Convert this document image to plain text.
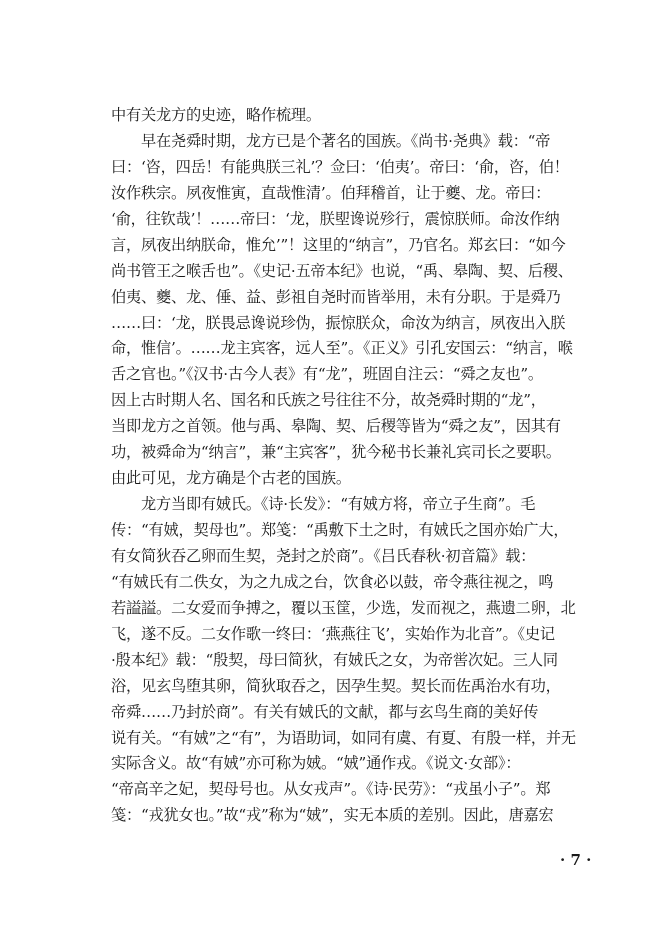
中有关龙方的史迹，略作梳理。
　　早在尧舜时期，龙方已是个著名的国族。《尚书·尧典》载：“帝
曰：‘咨，四岳！有能典朕三礼’？佥曰：‘伯夷’。帝曰：‘俞，咨，伯！
汝作秩宗。夙夜惟寅，直哉惟清’。伯拜稽首，让于夔、龙。帝曰：
‘俞，往钦哉’！……帝曰：‘龙，朕堲谗说殄行，震惊朕师。命汝作纳
言，夙夜出纳朕命，惟允’”！这里的“纳言”，乃官名。郑玄曰：“如今
尚书管王之喉舌也”。《史记·五帝本纪》也说，“禹、皋陶、契、后稷、
伯夷、夔、龙、倕、益、彭祖自尧时而皆举用，未有分职。于是舜乃
……曰：‘龙，朕畏忌谗说珍伪，振惊朕众，命汝为纳言，夙夜出入朕
命，惟信’。……龙主宾客，远人至”。《正义》引孔安国云：“纳言，喉
舌之官也。”《汉书·古今人表》有“龙”，班固自注云：“舜之友也”。
因上古时期人名、国名和氏族之号往往不分，故尧舜时期的“龙”，
当即龙方之首领。他与禹、皋陶、契、后稷等皆为“舜之友”，因其有
功，被舜命为“纳言”，兼“主宾客”，犹今秘书长兼礼宾司长之要职。
由此可见，龙方确是个古老的国族。
　　龙方当即有娀氏。《诗·长发》：“有娀方将，帝立子生商”。毛
传：“有娀，契母也”。郑笺：“禹敷下土之时，有娀氏之国亦始广大，
有女简狄吞乙卵而生契，尧封之於商”。《吕氏春秋·初音篇》载：
“有娀氏有二佚女，为之九成之台，饮食必以鼓，帝令燕往视之，鸣
若謚謚。二女爱而争搏之，覆以玉筐，少选，发而视之，燕遗二卵，北
飞，遂不反。二女作歌一终曰：‘燕燕往飞’，实始作为北音”。《史记
·殷本纪》载：“殷契，母曰简狄，有娀氏之女，为帝喾次妃。三人同
浴，见玄鸟堕其卵，简狄取吞之，因孕生契。契长而佐禹治水有功，
帝舜……乃封於商”。有关有娀氏的文献，都与玄鸟生商的美好传
说有关。“有娀”之“有”，为语助词，如同有虞、有夏、有殷一样，并无
实际含义。故“有娀”亦可称为娀。“娀”通作戎。《说文·女部》：
“帝高辛之妃，契母号也。从女戎声”。《诗·民劳》：“戎虽小子”。郑
笺：“戎犹女也。”故“戎”称为“娀”，实无本质的差别。因此，唐嘉宏
· 7 ·
